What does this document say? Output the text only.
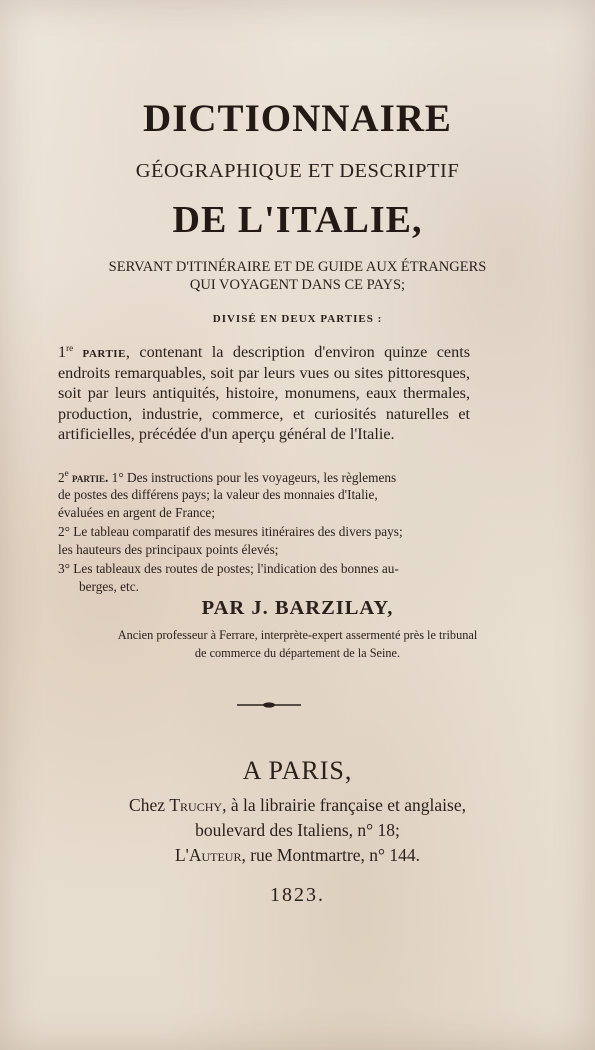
DICTIONNAIRE
GÉOGRAPHIQUE ET DESCRIPTIF
DE L'ITALIE,
SERVANT D'ITINÉRAIRE ET DE GUIDE AUX ÉTRANGERS
QUI VOYAGENT DANS CE PAYS;
DIVISÉ EN DEUX PARTIES :
1re partie, contenant la description d'environ quinze cents endroits remarquables, soit par leurs vues ou sites pittoresques, soit par leurs antiquités, histoire, monumens, eaux thermales, production, industrie, commerce, et curiosités naturelles et artificielles, précédée d'un aperçu général de l'Italie.
2e partie. 1° Des instructions pour les voyageurs, les règlemens
de postes des différens pays; la valeur des monnaies d'Italie,
évaluées en argent de France;
2° Le tableau comparatif des mesures itinéraires des divers pays;
les hauteurs des principaux points élevés;
3° Les tableaux des routes de postes; l'indication des bonnes au-
berges, etc.
PAR J. BARZILAY,
Ancien professeur à Ferrare, interprète-expert assermenté près le tribunal
de commerce du département de la Seine.
A PARIS,
Chez Truchy, à la librairie française et anglaise,
boulevard des Italiens, n° 18;
L'Auteur, rue Montmartre, n° 144.
1823.
